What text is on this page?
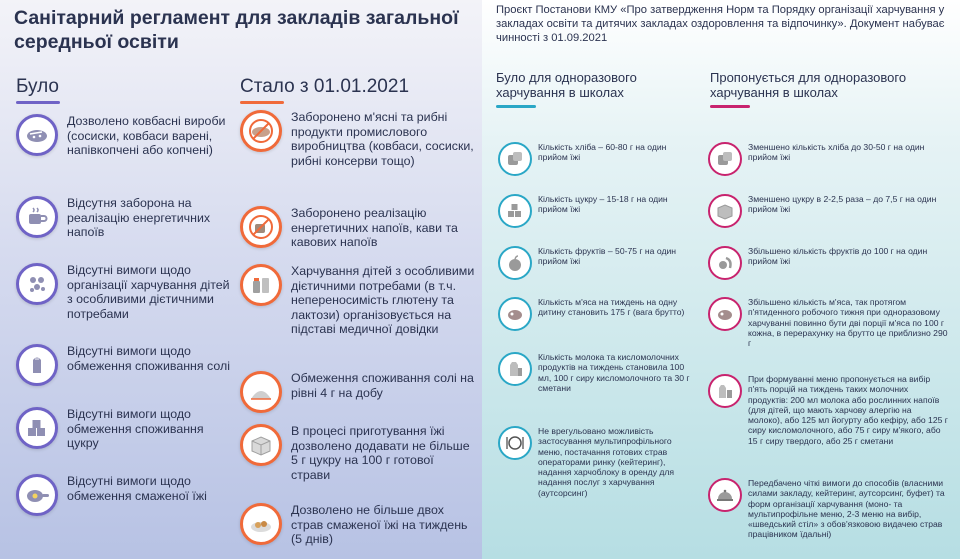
Санітарний регламент для закладів загальної середньої освіти
Було	Стало з 01.01.2021
Дозволено ковбасні вироби (сосиски, ковбаси варені, напівкопчені або копчені)
Відсутня заборона на реалізацію енергетичних напоїв
Відсутні вимоги щодо організації харчування дітей з особливими дієтичними потребами
Відсутні вимоги щодо обмеження споживання солі
Відсутні вимоги щодо обмеження споживання цукру
Відсутні вимоги щодо обмеження смаженої їжі
Заборонено м'ясні та рибні продукти промислового виробництва (ковбаси, сосиски, рибні консерви тощо)
Заборонено реалізацію енергетичних напоїв, кави та кавових напоїв
Харчування дітей з особливими дієтичними потребами (в т.ч. непереносимість глютену та лактози) організовується на підставі медичної довідки
Обмеження споживання солі на рівні 4 г на добу
В процесі приготування їжі дозволено додавати не більше 5 г цукру на 100 г готової страви
Дозволено не більше двох страв смаженої їжі на тиждень (5 днів)
Проєкт Постанови КМУ «Про затвердження Норм та Порядку організації харчування у закладах освіти та дитячих закладах оздоровлення та відпочинку». Документ набуває чинності з 01.09.2021
Було для одноразового харчування в школах
Пропонується для одноразового харчування в школах
Кількість хліба – 60-80 г на один прийом їжі
Кількість цукру – 15-18 г на один прийом їжі
Кількість фруктів – 50-75 г на один прийом їжі
Кількість м'яса на тиждень на одну дитину становить 175 г (вага брутто)
Кількість молока та кисломолочних продуктів на тиждень становила 100 мл, 100 г сиру кисломолочного та 30 г сметани
Не врегульовано можливість застосування мультипрофільного меню, постачання готових страв операторами ринку (кейтеринг), надання харчоблоку в оренду для надання послуг з харчування (аутсорсинг)
Зменшено кількість хліба до 30-50 г на один прийом їжі
Зменшено цукру в 2-2,5 раза – до 7,5 г на один прийом їжі
Збільшено кількість фруктів до 100 г на один прийом їжі
Збільшено кількість м'яса, так протягом п'ятиденного робочого тижня при одноразовому харчуванні повинно бути дві порції м'яса по 100 г кожна, в перерахунку на брутто це приблизно 290 г
При формуванні меню пропонується на вибір п'ять порцій на тиждень таких молочних продуктів: 200 мл молока або рослинних напоїв (для дітей, що мають харчову алергію на молоко), або 125 мл йогурту або кефіру, або 125 г сиру кисломолочного, або 75 г сиру м'якого, або 15 г сиру твердого, або 25 г сметани
Передбачено чіткі вимоги до способів (власними силами закладу, кейтеринг, аутсорсинг, буфет) та форм організації харчування (моно- та мультипрофільне меню, 2-3 меню на вибір, «шведський стіл» з обов'язковою видачею страв працівником їдальні)
